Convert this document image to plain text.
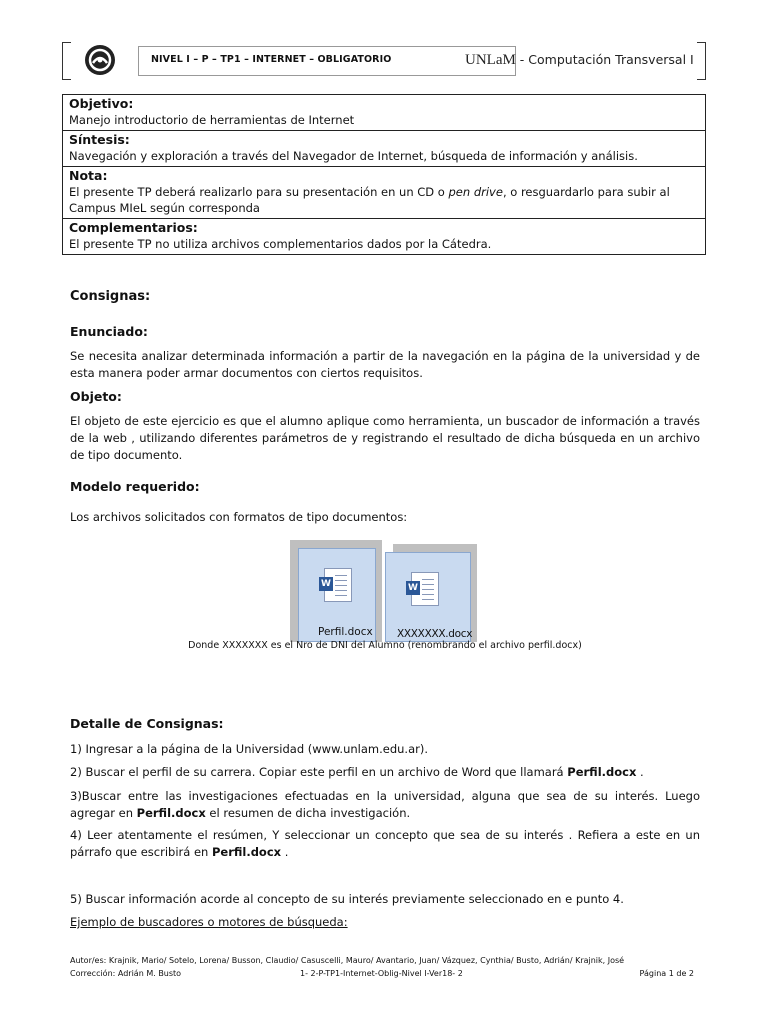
NIVEL I – P – TP1 – INTERNET – OBLIGATORIO	UNLaM - Computación Transversal I
Objetivo:
Manejo introductorio de herramientas de Internet
Síntesis:
Navegación y exploración a través del Navegador de Internet, búsqueda de información y análisis.
Nota:
El presente TP deberá realizarlo para su presentación en un CD o pen drive, o resguardarlo para subir al Campus MIeL según corresponda
Complementarios:
El presente TP no utiliza archivos complementarios dados por la Cátedra.
Consignas:
Enunciado:
Se necesita analizar determinada información a partir de la navegación en la página de la universidad y de esta manera poder armar documentos con ciertos requisitos.
Objeto:
El objeto de este ejercicio es que el alumno aplique como herramienta, un buscador de información a través de la web , utilizando diferentes parámetros de y registrando el resultado de dicha búsqueda en un archivo de tipo documento.
Modelo requerido:
Los archivos solicitados con formatos de tipo documentos:
W
Perfil.docx
W
XXXXXXX.docx
Donde XXXXXXX es el Nro de DNI del Alumno (renombrando el archivo perfil.docx)
Detalle de Consignas:
1) Ingresar a la página de la Universidad (www.unlam.edu.ar).
2) Buscar el perfil de su carrera. Copiar este perfil en un archivo de Word que llamará Perfil.docx .
3)Buscar entre las investigaciones efectuadas en la universidad, alguna que sea de su interés. Luego agregar en Perfil.docx el resumen de dicha investigación.
4) Leer atentamente el resúmen, Y seleccionar un concepto que sea de su interés . Refiera a este en un párrafo que escribirá en Perfil.docx .
5) Buscar información acorde al concepto de su interés previamente seleccionado en e punto 4.
Ejemplo de buscadores o motores de búsqueda:
Autor/es: Krajnik, Mario/ Sotelo, Lorena/ Busson, Claudio/ Casuscelli, Mauro/ Avantario, Juan/ Vázquez, Cynthia/ Busto, Adrián/ Krajnik, José
Corrección: Adrián M. Busto	1- 2-P-TP1-Internet-Oblig-Nivel I-Ver18- 2	Página 1 de 2
